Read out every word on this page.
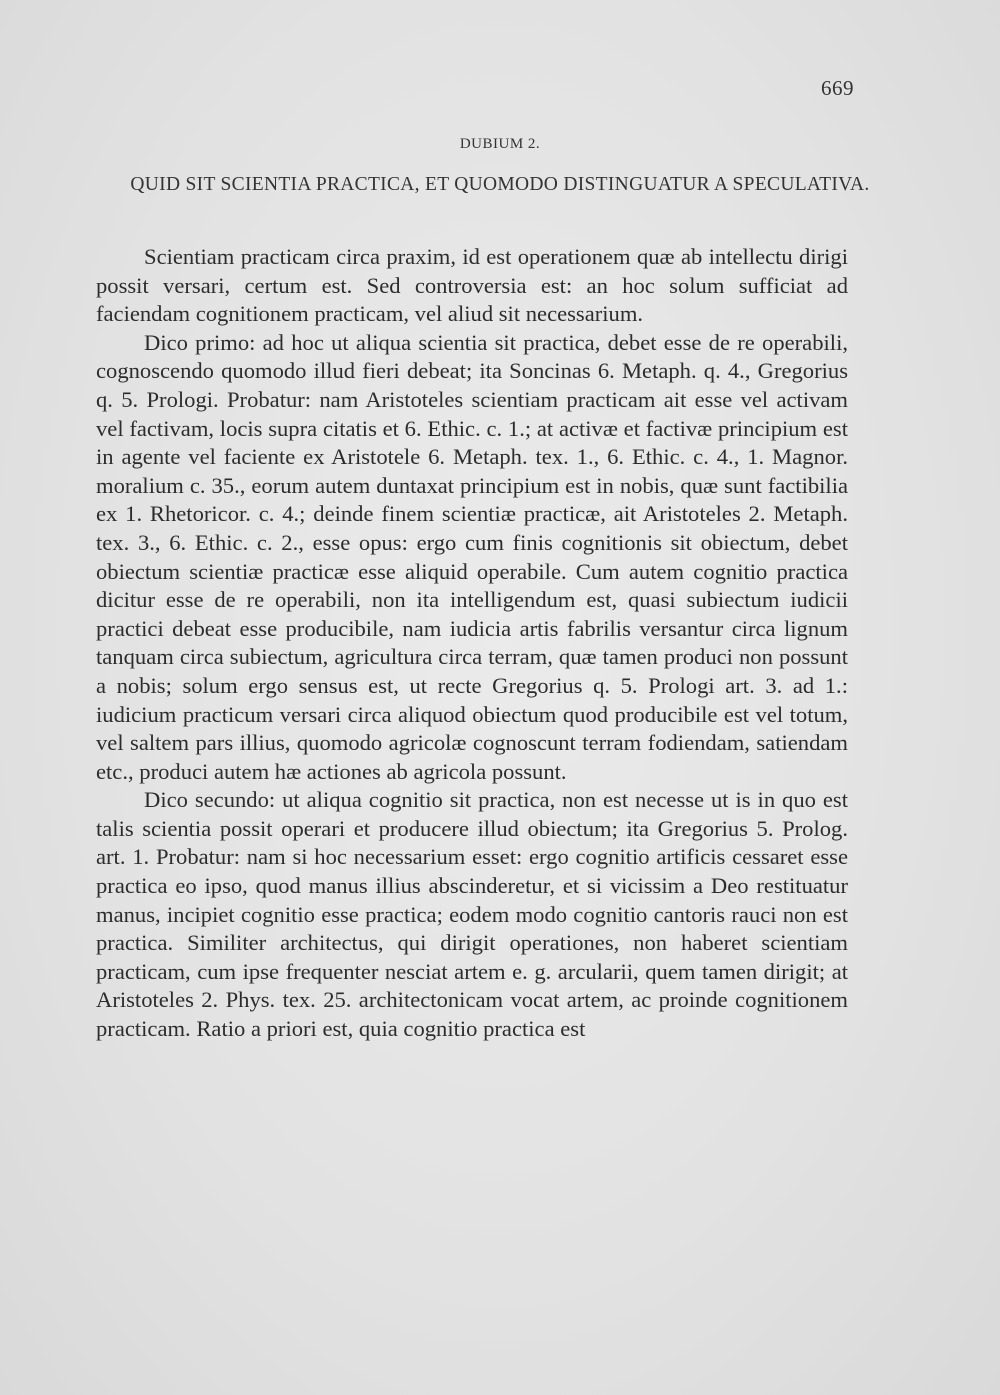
669
DUBIUM 2.
QUID SIT SCIENTIA PRACTICA, ET QUOMODO DISTINGUATUR A SPECULATIVA.

Scientiam practicam circa praxim, id est operationem quæ ab intellectu dirigi possit versari, certum est. Sed controversia est: an hoc solum sufficiat ad faciendam cognitionem practicam, vel aliud sit necessarium.

Dico primo: ad hoc ut aliqua scientia sit practica, debet esse de re operabili, cognoscendo quomodo illud fieri debeat; ita Soncinas 6. Metaph. q. 4., Gregorius q. 5. Prologi. Probatur: nam Aristoteles scientiam practicam ait esse vel activam vel factivam, locis supra citatis et 6. Ethic. c. 1.; at activæ et factivæ principium est in agente vel faciente ex Aristotele 6. Metaph. tex. 1., 6. Ethic. c. 4., 1. Magnor. moralium c. 35., eorum autem duntaxat principium est in nobis, quæ sunt factibilia ex 1. Rhetoricor. c. 4.; deinde finem scientiæ practicæ, ait Aristoteles 2. Metaph. tex. 3., 6. Ethic. c. 2., esse opus: ergo cum finis cognitionis sit obiectum, debet obiectum scientiæ practicæ esse aliquid operabile. Cum autem cognitio practica dicitur esse de re operabili, non ita intelligendum est, quasi subiectum iudicii practici debeat esse producibile, nam iudicia artis fabrilis versantur circa lignum tanquam circa subiectum, agricultura circa terram, quæ tamen produci non possunt a nobis; solum ergo sensus est, ut recte Gregorius q. 5. Prologi art. 3. ad 1.: iudicium practicum versari circa aliquod obiectum quod producibile est vel totum, vel saltem pars illius, quomodo agricolæ cognoscunt terram fodiendam, satiendam etc., produci autem hæ actiones ab agricola possunt.

Dico secundo: ut aliqua cognitio sit practica, non est necesse ut is in quo est talis scientia possit operari et producere illud obiectum; ita Gregorius 5. Prolog. art. 1. Probatur: nam si hoc necessarium esset: ergo cognitio artificis cessaret esse practica eo ipso, quod manus illius abscinderetur, et si vicissim a Deo restituatur manus, incipiet cognitio esse practica; eodem modo cognitio cantoris rauci non est practica. Similiter architectus, qui dirigit operationes, non haberet scientiam practicam, cum ipse frequenter nesciat artem e. g. arcularii, quem tamen dirigit; at Aristoteles 2. Phys. tex. 25. architectonicam vocat artem, ac proinde cognitionem practicam. Ratio a priori est, quia cognitio practica est
